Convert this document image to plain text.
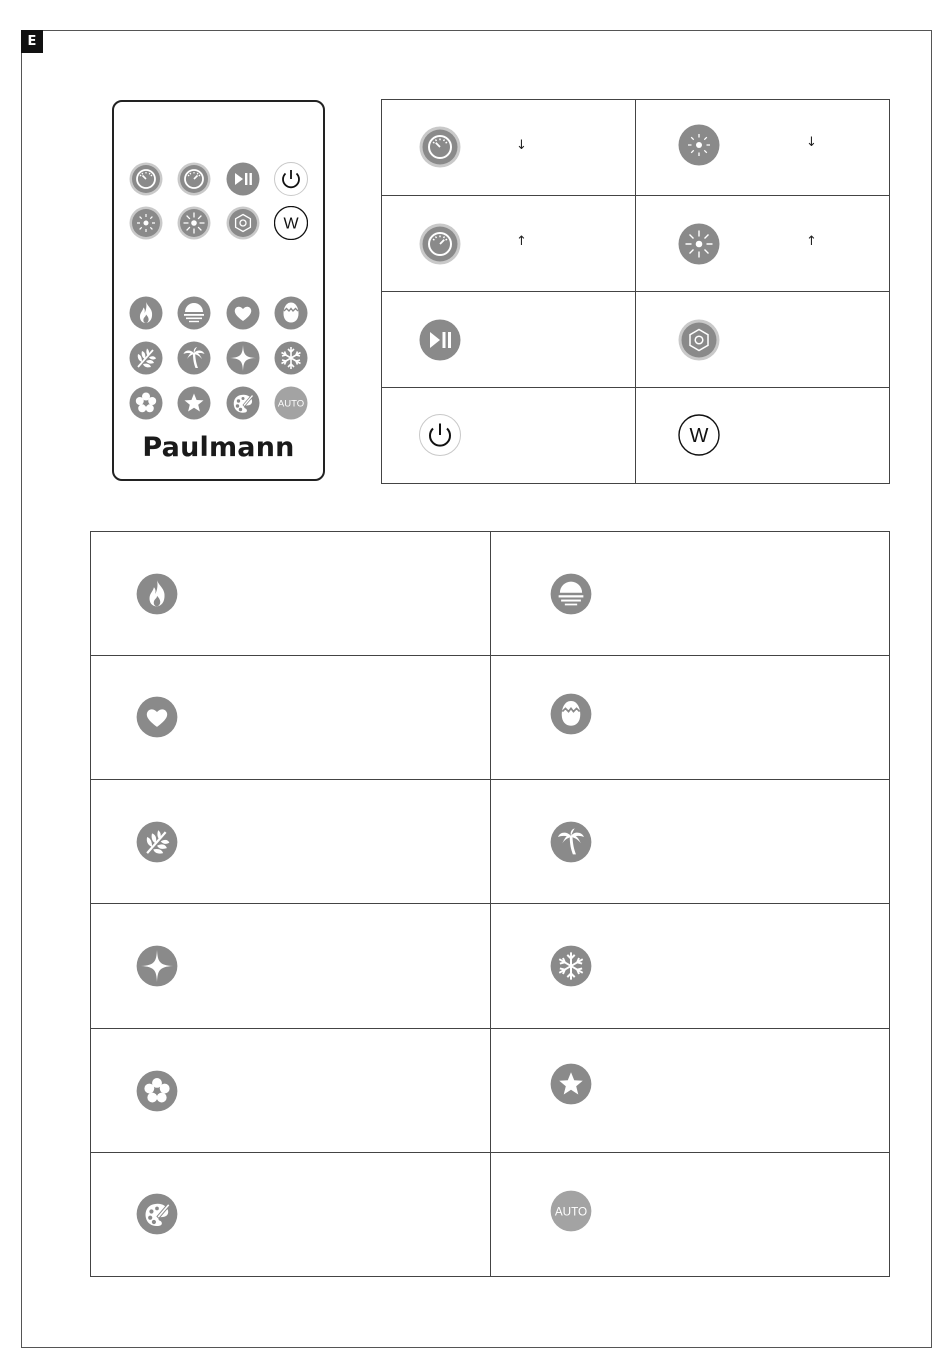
E
W
AUTO
Paulmann
↓	↓

↑	↑

W

AUTO
